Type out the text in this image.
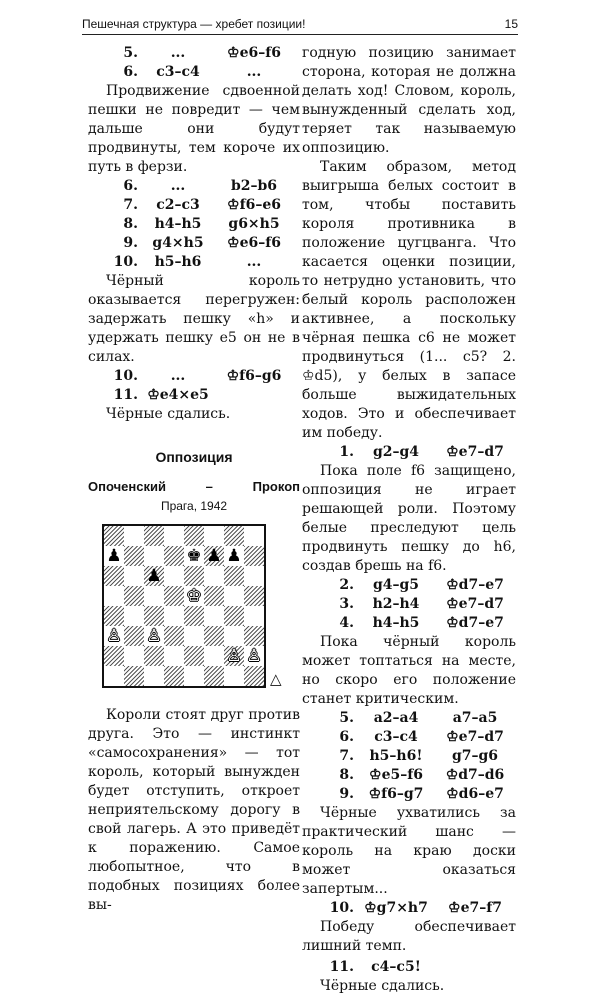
Пешечная структура — хребет позиции!	15
5.	...	♔e6–f6
6.	c3–c4	...

Продвижение сдвоенной пешки не повредит — чем дальше они будут продвинуты, тем короче их путь в ферзи.

6.	...	b2–b6
7.	c2–c3	♔f6–e6
8.	h4–h5	g6×h5
9.	g4×h5	♔e6–f6
10.	h5–h6	...

Чёрный король оказывается перегружен: задержать пешку «h» и удержать пешку e5 он не в силах.

10.	...	♔f6–g6
11. ♔e4×e5

Чёрные сдались.

Оппозиция
Опоченский	–	Прокоп
Прага, 1942
♟	♚ ♟ ♟
♟
♔
♙ ♙
♙ ♙
△

Короли стоят друг против друга. Это — инстинкт «самосохранения» — тот король, который вынужден будет отступить, откроет неприятельскому дорогу в свой лагерь. А это приведёт к поражению. Самое любопытное, что в подобных позициях более вы-

годную позицию занимает сторона, которая не должна делать ход! Словом, король, вынужденный сделать ход, теряет так называемую оппозицию.

Таким образом, метод выигрыша белых состоит в том, чтобы поставить короля противника в положение цугцванга. Что касается оценки позиции, то нетрудно установить, что белый король расположен активнее, а поскольку чёрная пешка c6 не может продвинуться (1... c5? 2. ♔d5), у белых в запасе больше выжидательных ходов. Это и обеспечивает им победу.

1.	g2–g4	♔e7–d7

Пока поле f6 защищено, оппозиция не играет решающей роли. Поэтому белые преследуют цель продвинуть пешку до h6, создав брешь на f6.

2.	g4–g5	♔d7–e7
3.	h2–h4	♔e7–d7
4.	h4–h5	♔d7–e7

Пока чёрный король может топтаться на месте, но скоро его положение станет критическим.

5.	a2–a4	a7–a5
6.	c3–c4	♔e7–d7
7.	h5–h6!	g7–g6
8.	♔e5–f6	♔d7–d6
9.	♔f6–g7	♔d6–e7

Чёрные ухватились за практический шанс — король на краю доски может оказаться запертым...

10. ♔g7×h7	♔e7–f7

Победу обеспечивает лишний темп.

11.	c4–c5!

Чёрные сдались.
